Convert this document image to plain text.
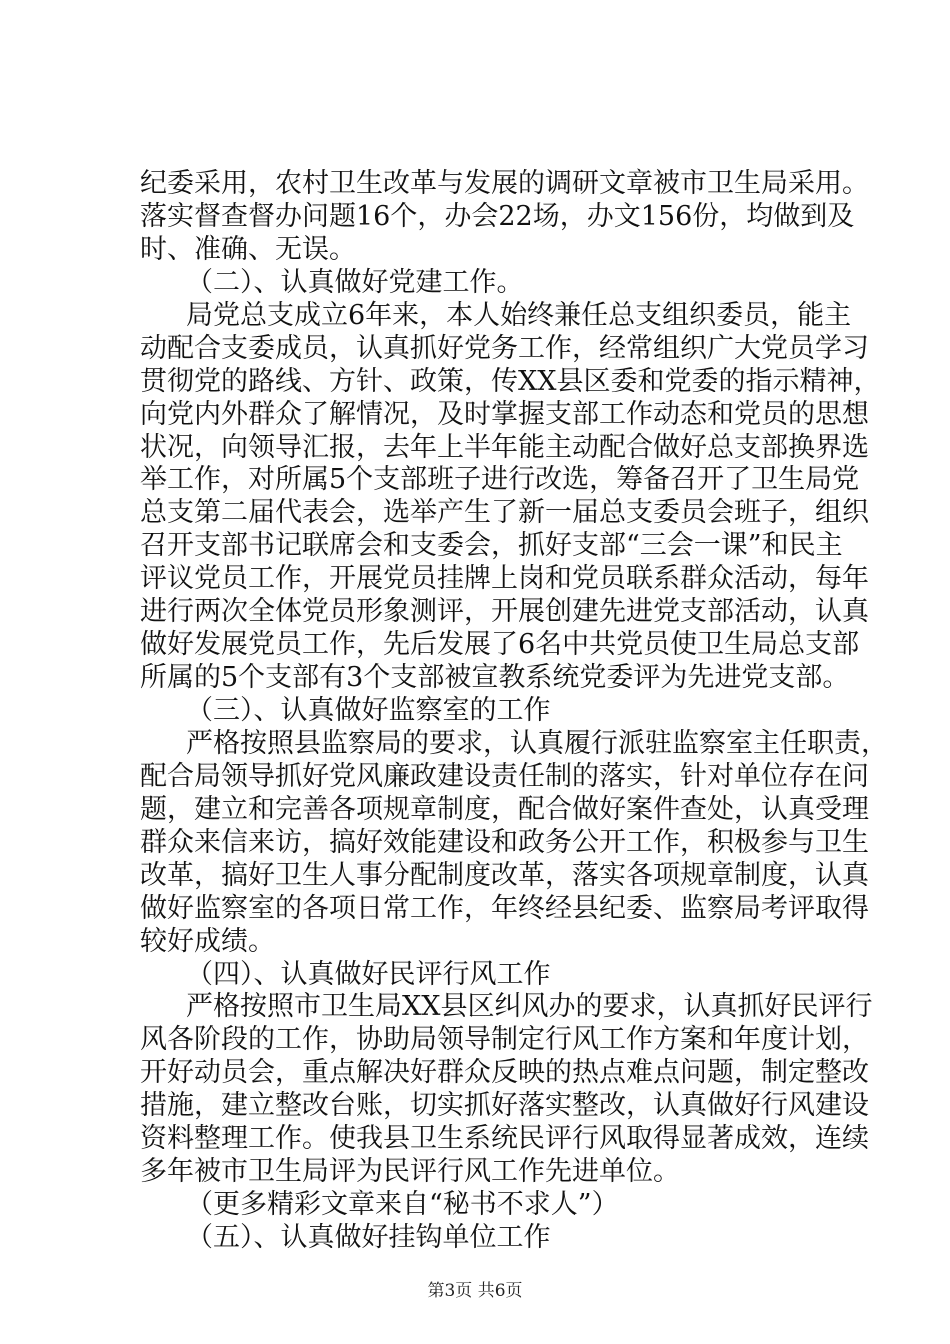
纪委采用，农村卫生改革与发展的调研文章被市卫生局采用。
落实督查督办问题16个，办会22场，办文156份，均做到及
时、准确、无误。
（二）、认真做好党建工作。
局党总支成立6年来，本人始终兼任总支组织委员，能主
动配合支委成员，认真抓好党务工作，经常组织广大党员学习
贯彻党的路线、方针、政策，传XX县区委和党委的指示精神，
向党内外群众了解情况，及时掌握支部工作动态和党员的思想
状况，向领导汇报，去年上半年能主动配合做好总支部换界选
举工作，对所属5个支部班子进行改选，筹备召开了卫生局党
总支第二届代表会，选举产生了新一届总支委员会班子，组织
召开支部书记联席会和支委会，抓好支部“三会一课”和民主
评议党员工作，开展党员挂牌上岗和党员联系群众活动，每年
进行两次全体党员形象测评，开展创建先进党支部活动，认真
做好发展党员工作，先后发展了6名中共党员使卫生局总支部
所属的5个支部有3个支部被宣教系统党委评为先进党支部。
（三）、认真做好监察室的工作
严格按照县监察局的要求，认真履行派驻监察室主任职责，
配合局领导抓好党风廉政建设责任制的落实，针对单位存在问
题，建立和完善各项规章制度，配合做好案件查处，认真受理
群众来信来访，搞好效能建设和政务公开工作，积极参与卫生
改革，搞好卫生人事分配制度改革，落实各项规章制度，认真
做好监察室的各项日常工作，年终经县纪委、监察局考评取得
较好成绩。
（四）、认真做好民评行风工作
严格按照市卫生局XX县区纠风办的要求，认真抓好民评行
风各阶段的工作，协助局领导制定行风工作方案和年度计划，
开好动员会，重点解决好群众反映的热点难点问题，制定整改
措施，建立整改台账，切实抓好落实整改，认真做好行风建设
资料整理工作。使我县卫生系统民评行风取得显著成效，连续
多年被市卫生局评为民评行风工作先进单位。
（更多精彩文章来自“秘书不求人”）
（五）、认真做好挂钩单位工作
第3页 共6页
